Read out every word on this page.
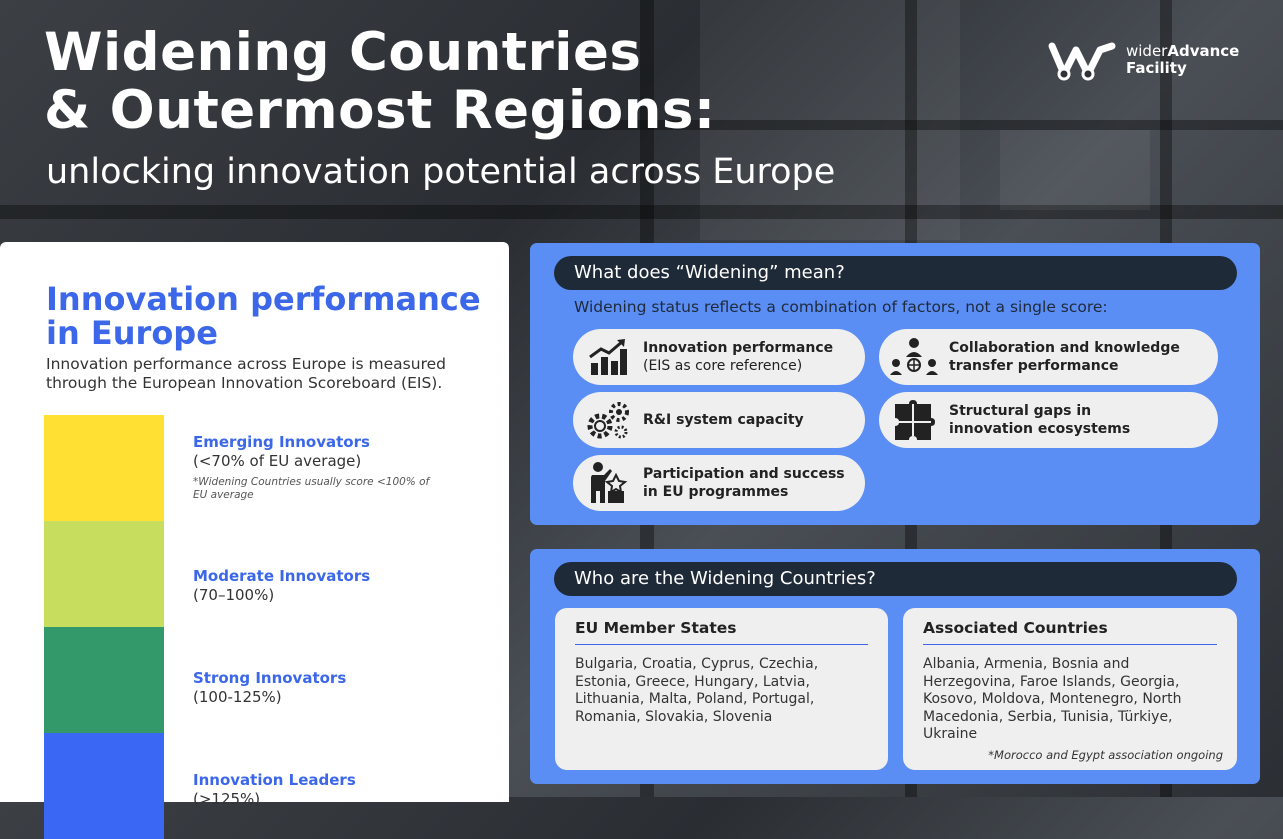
Widening Countries
& Outermost Regions:
unlocking innovation potential across Europe
widerAdvance
Facility
Innovation performance in Europe
Innovation performance across Europe is measured through the European Innovation Scoreboard (EIS).
Emerging Innovators
(<70% of EU average)
*Widening Countries usually score <100% of EU average
Moderate Innovators
(70–100%)
Strong Innovators
(100-125%)
Innovation Leaders
(>125%)
What does “Widening” mean?
Widening status reflects a combination of factors, not a single score:
Innovation performance
(EIS as core reference)
Collaboration and knowledge transfer performance
R&I system capacity
Structural gaps in innovation ecosystems
Participation and success in EU programmes
Who are the Widening Countries?
EU Member States
Bulgaria, Croatia, Cyprus, Czechia, Estonia, Greece, Hungary, Latvia, Lithuania, Malta, Poland, Portugal, Romania, Slovakia, Slovenia
Associated Countries
Albania, Armenia, Bosnia and Herzegovina, Faroe Islands, Georgia, Kosovo, Moldova, Montenegro, North Macedonia, Serbia, Tunisia, Türkiye, Ukraine
*Morocco and Egypt association ongoing
